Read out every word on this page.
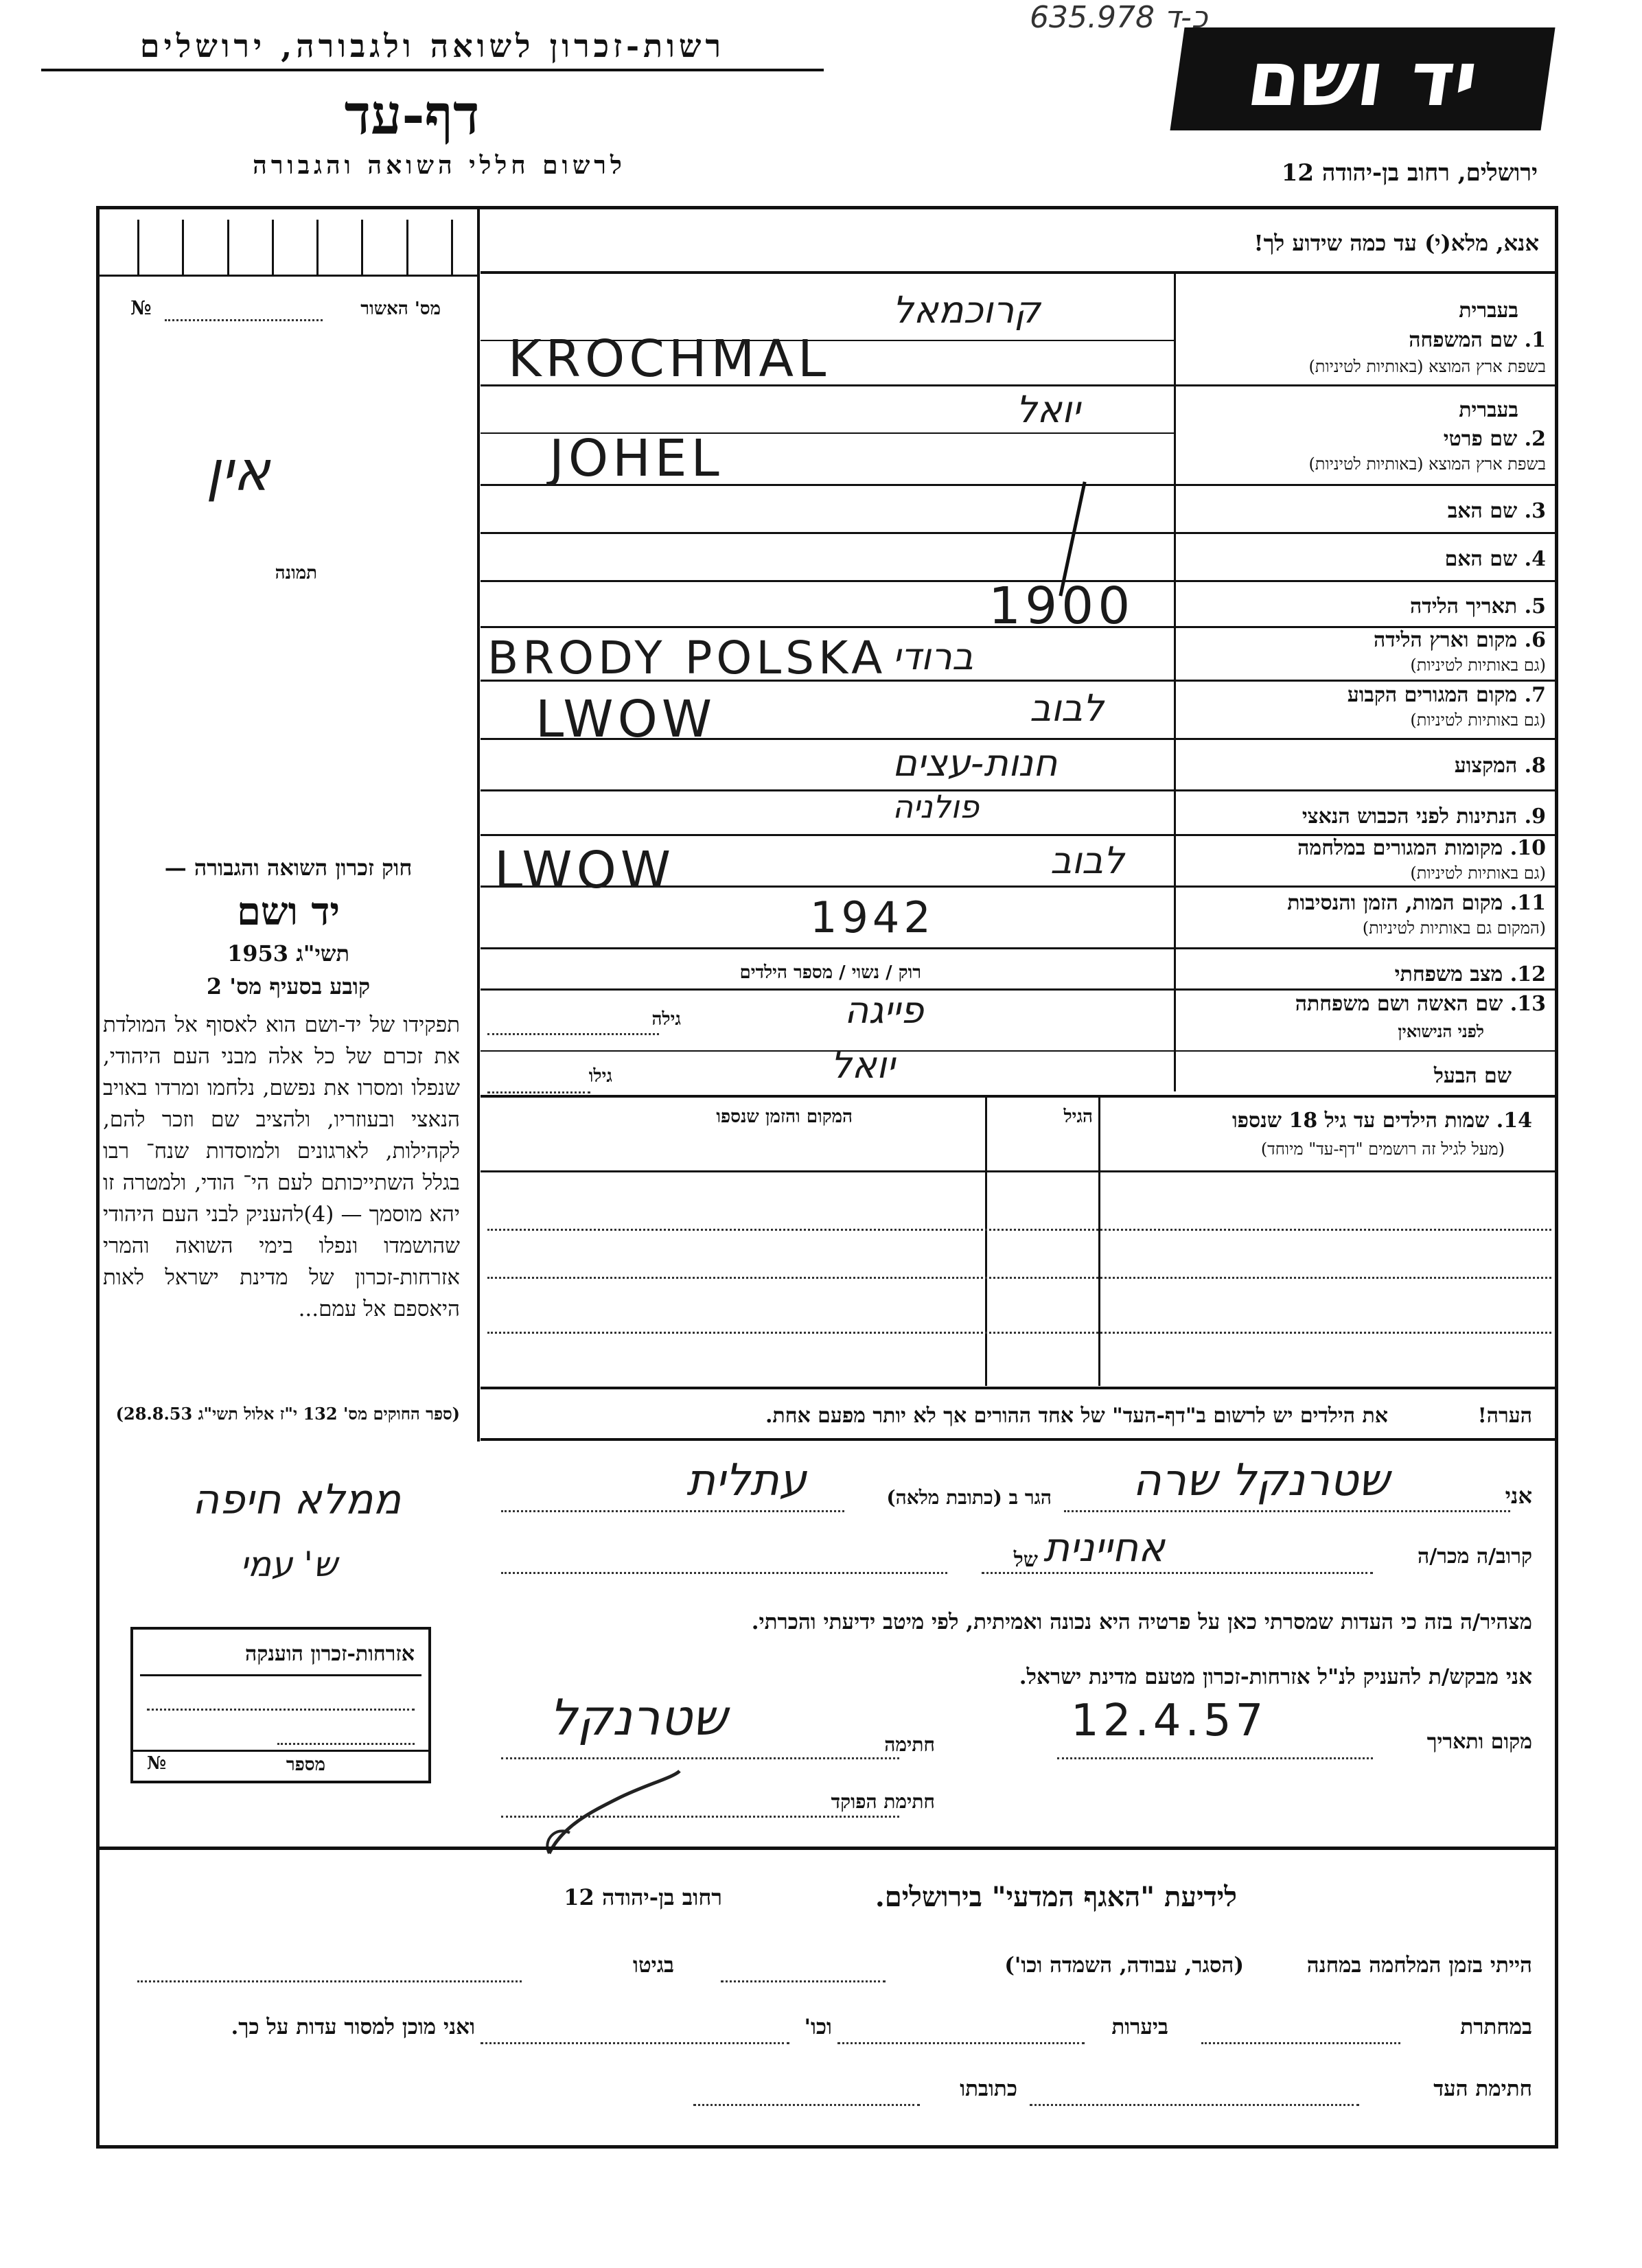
רשות-זכרון לשואה ולגבורה, ירושלים
דף-עד
לרשום חללי השואה והגבורה
יד ושם
ירושלים, רחוב בן-יהודה 12
635.978 כ-ד
אנא, מלא(י) עד כמה שידוע לך!
מס' האשור
№
אין
תמונה
בעברית
1. שם המשפחה
בשפת ארץ המוצא (באותיות לטיניות)
קרוכמאל
KROCHMAL
בעברית
2. שם פרטי
בשפת ארץ המוצא (באותיות לטיניות)
יואל
JOHEL
3. שם האב
4. שם האם
5. תאריך הלידה
1900
6. מקום וארץ הלידה
(גם באותיות לטיניות)
BRODY POLSKA ברודי
7. מקום המגורים הקבוע
(גם באותיות לטיניות)
LWOW	לבוב
8. המקצוע
חנות-עצים
9. הנתינות לפני הכבוש הנאצי
פולניה
10. מקומות המגורים במלחמה
(גם באותיות לטיניות)
LWOW	לבוב
11. מקום המות, הזמן והנסיבות
(המקום גם באותיות לטיניות)
1942
12. מצב משפחתי
רוק / נשוי / מספר הילדים
13. שם האשה ושם משפחתה
לפני הנישואין
גילה	פייגה
שם הבעל
גילו	יואל
14. שמות הילדים עד גיל 18 שנספו
(מעל לגיל זה רושמים "דף-עד" מיוחד)
הגיל
המקום והזמן שנספו
הערה!
את הילדים יש לרשום ב"דף-העד" של אחד ההורים אך לא יותר מפעם אחת.
חוק זכרון השואה והגבורה —
יד ושם
תשי"ג 1953
קובע בסעיף מס' 2
תפקידו של יד-ושם הוא לאסוף אל המולדת את זכרם של כל אלה מבני העם היהודי, שנפלו ומסרו את נפשם, נלחמו ומרדו באויב הנאצי ובעוזריו, ולהציב שם וזכר להם, לקהילות, לארגונים ולמוסדות שנח־ רבו בגלל השתייכותם לעם הי־ הודי, ולמטרה זו יהא מוסמך — (4)להעניק לבני העם היהודי שהושמדו ונפלו בימי השואה והמרי אזרחות-זכרון של מדינת ישראל לאות היאספם אל עמם...
(ספר החוקים מס' 132 י"ז אלול תשי"ג 28.8.53)
אני
שטרנקל שרה
הגר ב (כתובת מלאה)
עתלית
קרוב/ה מכר/ה
של אחיינית
מצהיר/ה בזה כי העדות שמסרתי כאן על פרטיה היא נכונה ואמיתית, לפי מיטב ידיעתי והכרתי.
אני מבקש/ת להעניק לנ"ל אזרחות-זכרון מטעם מדינת ישראל.
מקום ותאריך
12.4.57
חתימה
שטרנקל
חתימת הפוקד
ממלא חיפה
ש' עמי
אזרחות-זכרון הוענקה
מספר
№
לידיעת "האגף המדעי" בירושלים.
רחוב בן-יהודה 12
הייתי בזמן המלחמה במחנה
(הסגר, עבודה, השמדה וכו')
בגיטו
במחתרת
ביערות
וכו'
ואני מוכן למסור עדות על כך.
חתימת העד
כתובתו
